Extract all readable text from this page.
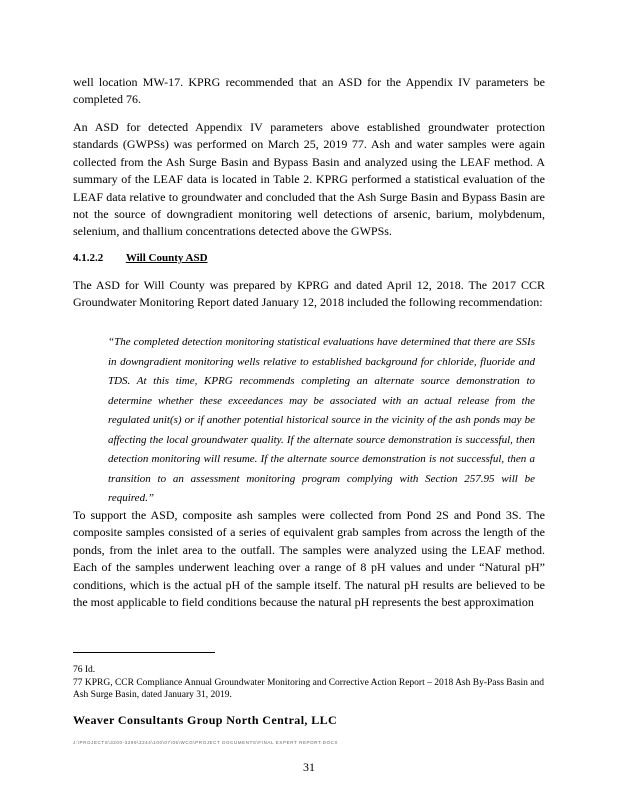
well location MW-17. KPRG recommended that an ASD for the Appendix IV parameters be completed 76.

An ASD for detected Appendix IV parameters above established groundwater protection standards (GWPSs) was performed on March 25, 2019 77. Ash and water samples were again collected from the Ash Surge Basin and Bypass Basin and analyzed using the LEAF method. A summary of the LEAF data is located in Table 2. KPRG performed a statistical evaluation of the LEAF data relative to groundwater and concluded that the Ash Surge Basin and Bypass Basin are not the source of downgradient monitoring well detections of arsenic, barium, molybdenum, selenium, and thallium concentrations detected above the GWPSs.

4.1.2.2 Will County ASD

The ASD for Will County was prepared by KPRG and dated April 12, 2018. The 2017 CCR Groundwater Monitoring Report dated January 12, 2018 included the following recommendation:

“The completed detection monitoring statistical evaluations have determined that there are SSIs in downgradient monitoring wells relative to established background for chloride, fluoride and TDS. At this time, KPRG recommends completing an alternate source demonstration to determine whether these exceedances may be associated with an actual release from the regulated unit(s) or if another potential historical source in the vicinity of the ash ponds may be affecting the local groundwater quality. If the alternate source demonstration is successful, then detection monitoring will resume. If the alternate source demonstration is not successful, then a transition to an assessment monitoring program complying with Section 257.95 will be required.”

To support the ASD, composite ash samples were collected from Pond 2S and Pond 3S. The composite samples consisted of a series of equivalent grab samples from across the length of the ponds, from the inlet area to the outfall. The samples were analyzed using the LEAF method. Each of the samples underwent leaching over a range of 8 pH values and under “Natural pH” conditions, which is the actual pH of the sample itself. The natural pH results are believed to be the most applicable to field conditions because the natural pH represents the best approximation

76 Id.

77 KPRG, CCR Compliance Annual Groundwater Monitoring and Corrective Action Report – 2018 Ash By-Pass Basin and Ash Surge Basin, dated January 31, 2019.

Weaver Consultants Group North Central, LLC
J:\PROJECTS\3200-3299\3244\100\07\05\WCG\PROJECT DOCUMENTS\FINAL EXPERT REPORT.DOCX
31
